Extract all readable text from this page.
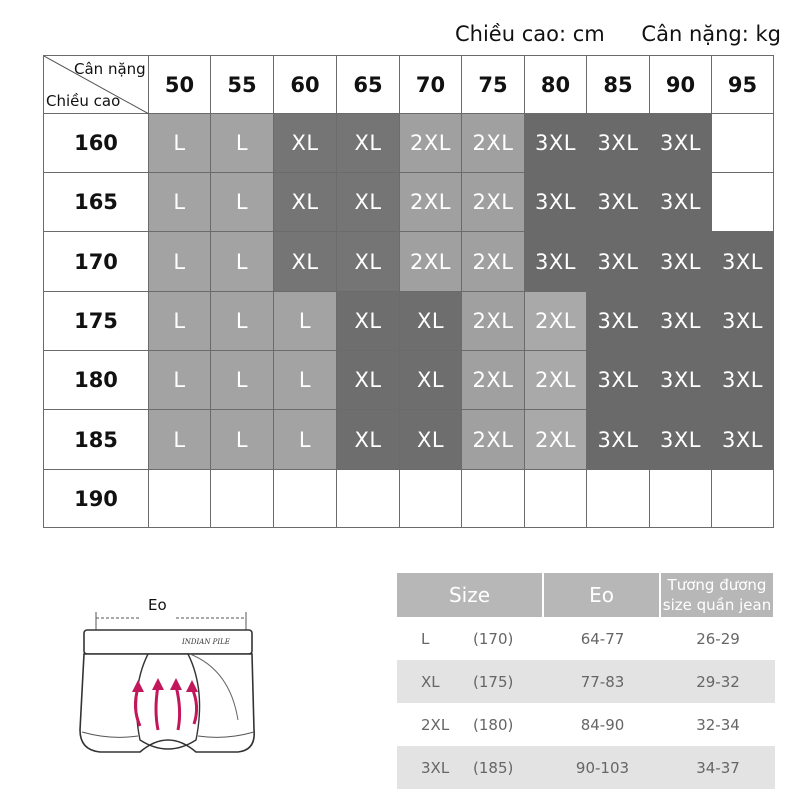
Chiều cao: cm Cân nặng: kg
Cân nặng
Chiều cao	50	55	60	65	70	75	80	85	90	95
160	L	L	XL	XL	2XL	2XL	3XL	3XL	3XL	
165	L	L	XL	XL	2XL	2XL	3XL	3XL	3XL	
170	L	L	XL	XL	2XL	2XL	3XL	3XL	3XL	3XL
175	L	L	L	XL	XL	2XL	2XL	3XL	3XL	3XL
180	L	L	L	XL	XL	2XL	2XL	3XL	3XL	3XL
185	L	L	L	XL	XL	2XL	2XL	3XL	3XL	3XL
190										
Eo
INDIAN PILE
Size	Eo	Tương đương size quần jean
L (170)	64-77	26-29
XL (175)	77-83	29-32
2XL (180)	84-90	32-34
3XL (185)	90-103	34-37
